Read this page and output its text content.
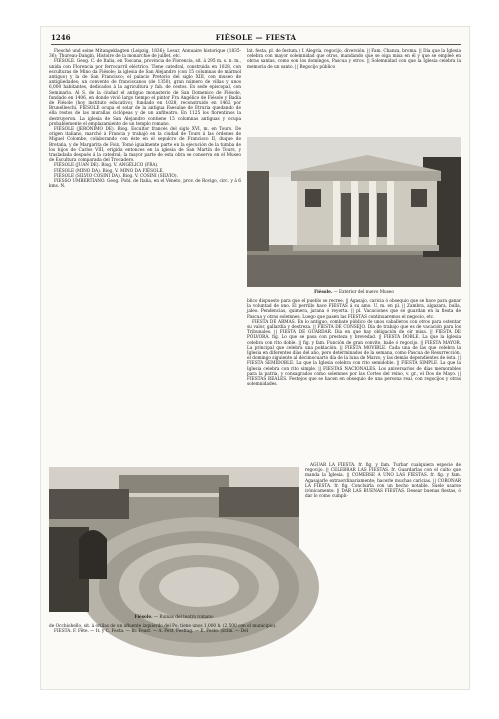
1246	FIÉSOLE — FIESTA

Fiesché und seine Mitangeklagten (Leipzig, 1836); Lesur, Annuaire historique (1835-36); Thureau-Dangin, Histoire de la monarchie de juillet, etc.

FIÉSOLE. Geog. C. de Italia, en Toscana, provincia de Florencia, sit. á 295 m. s. n. m., unida con Florencia por ferrocarril eléctrico. Tiene catedral, construida en 1028, con esculturas de Mino da Fiésole; la iglesia de San Alejandro (con 15 columnas de mármol antiguo) y la de San Francisco; el palacio Pretorio del siglo XIII, con museo de antigüedades; un convento de franciscanos (de 1350), gran número de villas y unos 6,000 habitantes, dedicados á la agricultura y fab. de cestos. Es sede episcopal, con Seminario. Al S. de la ciudad el antiguo monasterio de San Domenico de Fiésole, fundado en 1406, en donde vivió largo tiempo el pintor Fra Angélico de Fiésole y Badía de Fiésole (hoy instituto educativo), fundado en 1028, reconstruido en 1462 por Brunelleschi. FIÉSOLE ocupa el solar de la antigua Faesulae de Etruria quedando de ella restos de las murallas ciclópeas y de un anfiteatro. En 1125 los florentinos la destruyeron. La iglesia de San Alejandro contiene 15 columnas antiguas y ocupa probablemente el emplazamiento de un templo romano.

FIÉSOLE (JERÓNIMO DE). Biog. Escultor francés del siglo XVI, m. en Tours. De origen italiano, marchó á Francia y trabajó en la ciudad de Tours á las órdenes de Miguel Colombe, colaborando con éste en el sepulcro de Francisco II, duque de Bretaña, y de Margarita de Foix. Tomó igualmente parte en la ejecución de la tumba de los hijos de Carlos VIII, erigida entonces en la iglesia de San Martín de Tours, y trasladada después á la catedral; la mayor parte de esta obra se conserva en el Museo de Escultura comparada del Trocadero.

FIÉSOLE (JUAN DE). Biog. V. ANGÉLICO (FRA).

FIÉSOLE (MINO DA). Biog. V. MINO DA FIÉSOLE.

FIÉSOLE (SILVIO COSINI DA). Biog. V. COSINI (SILVIO).

FIESSO UMBERTIANO. Geog. Pobl. de Italia, en el Véneto, prov. de Rovigo, circ. y á 6 kms. N.

Fiésole. — Exterior del nuevo Museo

lat. festa, pl. de festum.) f. Alegría, regocijo, diversión. || Fam. Chanza, broma. || Día que la Iglesia celebra con mayor solemnidad que otros, mandando que se oiga misa en él y que se empleé en obras santas, como son los domingos, Pascua y otros. || Solemnidad con que la Iglesia celebra la memoria de un santo. || Regocijo público

blico dispuesto para que el pueblo se recree. || Agasajo, caricia ó obsequio que se hace para ganar la voluntad de uno. El perrillo hace FIESTAS á su amo. U. m. en pl. || Zambra, algazara, bulla, jaleo. Pendencias, quimera, jarana ó reyerta. || pl. Vacaciones que se guardan en la fiesta de Pascua y otras solemnes. Luego que pasen las FIESTAS continuaremos el negocio, etc.

FIESTA DE ARMAS. En lo antiguo, combate público de unos caballeros con otros para ostentar su valor, gallardía y destreza. || FIESTA DE CONSEJO. Día de trabajo que es de vacación para los Tribunales. || FIESTA DE GUARDAR. Día en que hay obligación de oír misa. || FIESTA DE PÓLVORA. fig. Lo que se pasa con presteza y brevedad. || FIESTA DOBLE. La que la Iglesia celebra con rito doble. || fig. y fam. Función de gran convite, baile ó regocijo. || FIESTA MAYOR. La principal que celebra una población. || FIESTA MOVIBLE. Cada una de las que celebra la Iglesia en diferentes días del año, pero determinados de la semana, como Pascua de Resurrección, el domingo siguiente al décimocuarto día de la luna de Marzo, y las demás dependientes de ésta. || FIESTA SEMIDOBLE. La que la Iglesia celebra con rito semidoble. || FIESTA SIMPLE. La que la Iglesia celebra con rito simple. || FIESTAS NACIONALES. Los aniversarios de días memorables para la patria, y consagrados como solemnes por las Cortes del reino, v. gr., el Dos de Mayo. || FIESTAS REALES. Festejos que se hacen en obsequio de una persona real, con regocijos y otras solemnidades.

Fiésole. — Ruinas del teatro romano

de Occhiobello, sit. á orillas de un afluente izquierdo del Po; tiene unos 1,000 h. (2,500 con el municipio).

FIESTA. F. Fête. — It. y C. Festa. — In. Feast. — A. Fest, Festtag. — E. Festo. (Etim. — Del

AGUAR LA FIESTA. fr. fig. y fam. Turbar cualquiera especie de regocijo. || CELEBRAR LAS FIESTAS. fr. Guardarlas con el culto que manda la Iglesia. || COMERSE A UNO LAS FIESTAS. fr. fig. y fam. Agasajarle extraordinariamente; hacerle muchas caricias. || CORONAR LA FIESTA. fr. fig. Concluirla con un hecho notable. Suele usarse irónicamente. || DAR LAS BUENAS FIESTAS. Desear buenas fiestas, ó dar lo como cumpli-
